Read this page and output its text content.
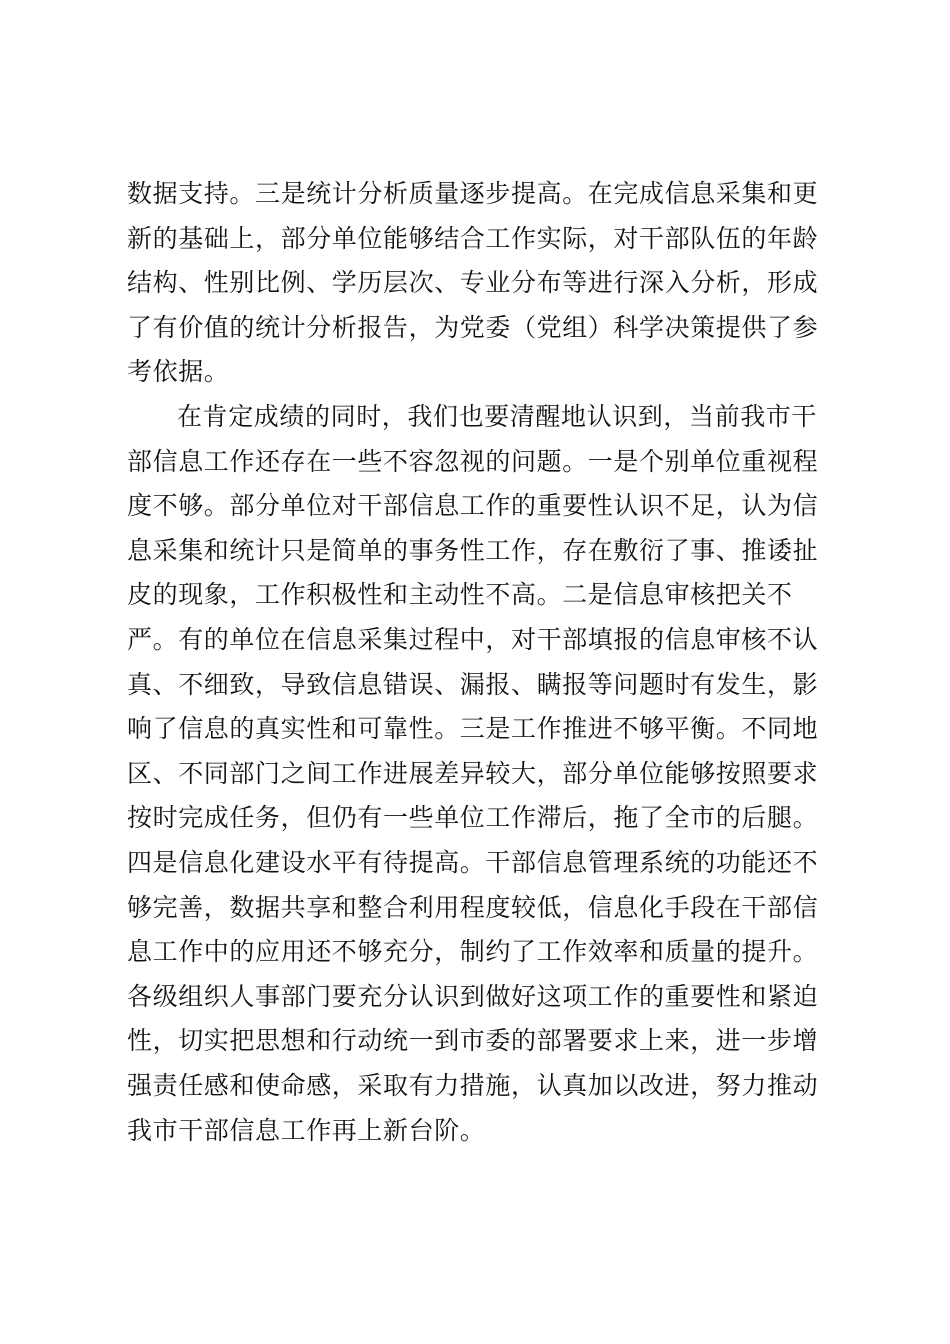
数据支持。三是统计分析质量逐步提高。在完成信息采集和更
新的基础上，部分单位能够结合工作实际，对干部队伍的年龄
结构、性别比例、学历层次、专业分布等进行深入分析，形成
了有价值的统计分析报告，为党委（党组）科学决策提供了参
考依据。
在肯定成绩的同时，我们也要清醒地认识到，当前我市干
部信息工作还存在一些不容忽视的问题。一是个别单位重视程
度不够。部分单位对干部信息工作的重要性认识不足，认为信
息采集和统计只是简单的事务性工作，存在敷衍了事、推诿扯
皮的现象，工作积极性和主动性不高。二是信息审核把关不
严。有的单位在信息采集过程中，对干部填报的信息审核不认
真、不细致，导致信息错误、漏报、瞒报等问题时有发生，影
响了信息的真实性和可靠性。三是工作推进不够平衡。不同地
区、不同部门之间工作进展差异较大，部分单位能够按照要求
按时完成任务，但仍有一些单位工作滞后，拖了全市的后腿。
四是信息化建设水平有待提高。干部信息管理系统的功能还不
够完善，数据共享和整合利用程度较低，信息化手段在干部信
息工作中的应用还不够充分，制约了工作效率和质量的提升。
各级组织人事部门要充分认识到做好这项工作的重要性和紧迫
性，切实把思想和行动统一到市委的部署要求上来，进一步增
强责任感和使命感，采取有力措施，认真加以改进，努力推动
我市干部信息工作再上新台阶。
